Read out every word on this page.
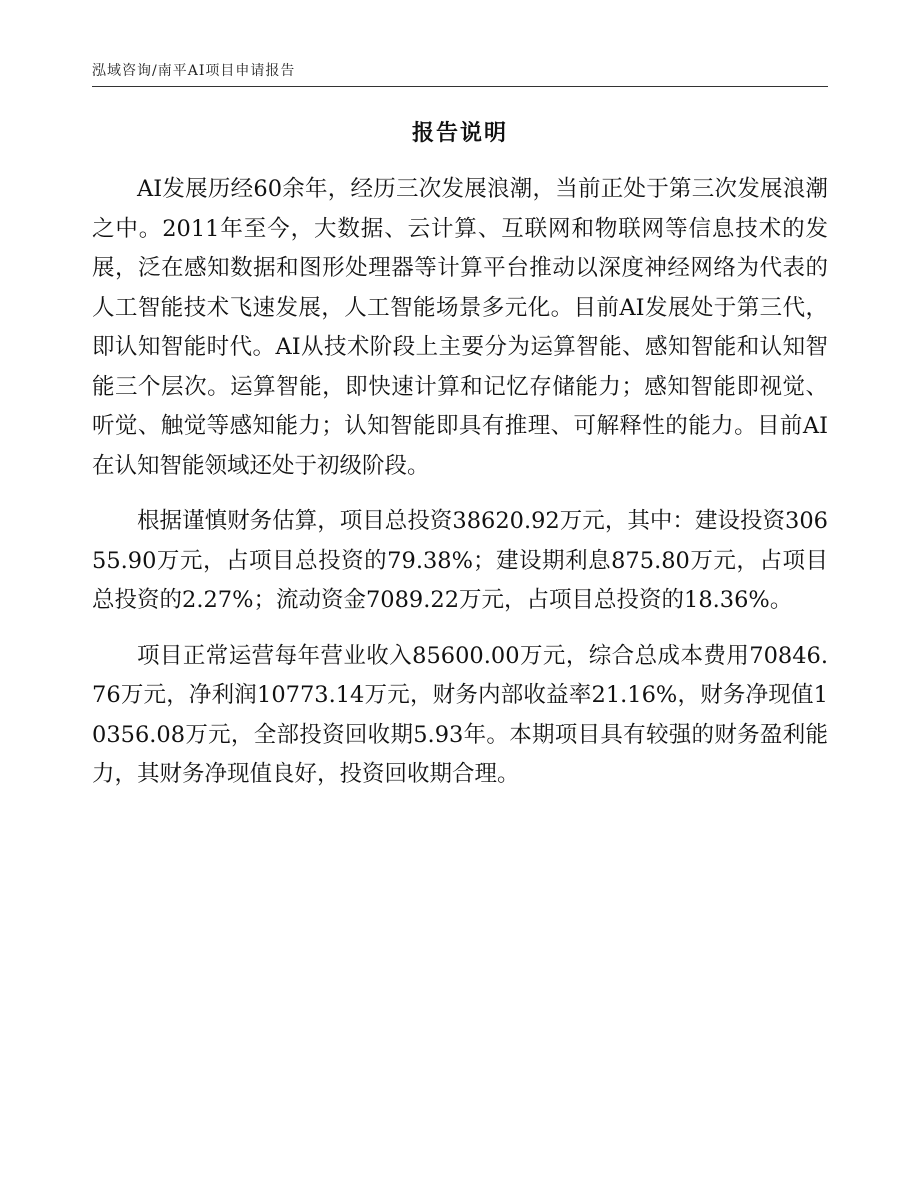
泓域咨询/南平AI项目申请报告
报告说明

AI发展历经60余年，经历三次发展浪潮，当前正处于第三次发展浪潮之中。2011年至今，大数据、云计算、互联网和物联网等信息技术的发展，泛在感知数据和图形处理器等计算平台推动以深度神经网络为代表的人工智能技术飞速发展，人工智能场景多元化。目前AI发展处于第三代，即认知智能时代。AI从技术阶段上主要分为运算智能、感知智能和认知智能三个层次。运算智能，即快速计算和记忆存储能力；感知智能即视觉、听觉、触觉等感知能力；认知智能即具有推理、可解释性的能力。目前AI在认知智能领域还处于初级阶段。

根据谨慎财务估算，项目总投资38620.92万元，其中：建设投资30655.90万元，占项目总投资的79.38%；建设期利息875.80万元，占项目总投资的2.27%；流动资金7089.22万元，占项目总投资的18.36%。

项目正常运营每年营业收入85600.00万元，综合总成本费用70846.76万元，净利润10773.14万元，财务内部收益率21.16%，财务净现值10356.08万元，全部投资回收期5.93年。本期项目具有较强的财务盈利能力，其财务净现值良好，投资回收期合理。
